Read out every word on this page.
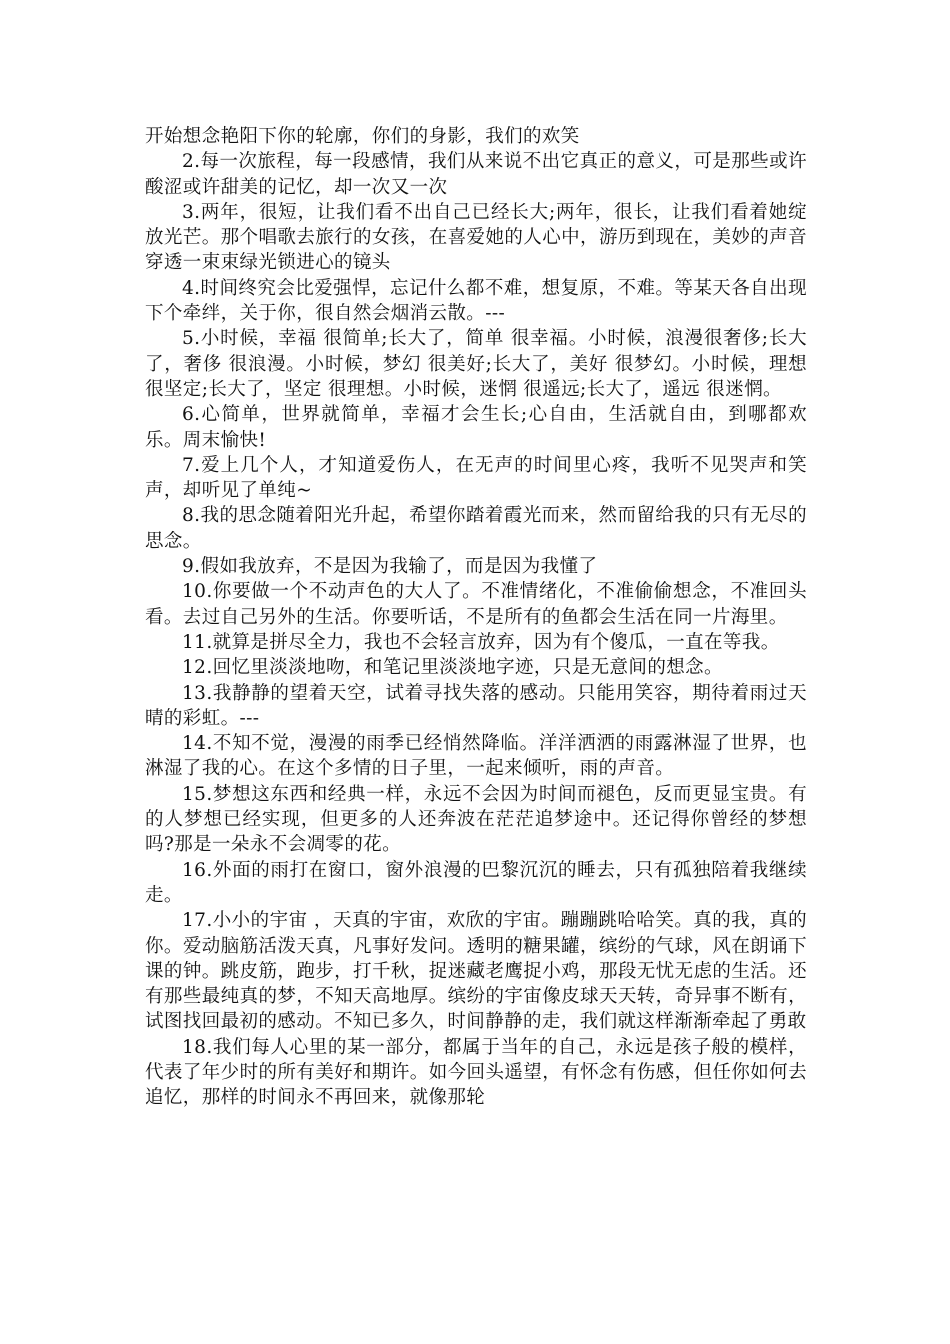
开始想念艳阳下你的轮廓，你们的身影，我们的欢笑

2.每一次旅程，每一段感情，我们从来说不出它真正的意义，可是那些或许酸涩或许甜美的记忆，却一次又一次

3.两年，很短，让我们看不出自己已经长大;两年，很长，让我们看着她绽放光芒。那个唱歌去旅行的女孩，在喜爱她的人心中，游历到现在，美妙的声音穿透一束束绿光锁进心的镜头

4.时间终究会比爱强悍，忘记什么都不难，想复原，不难。等某天各自出现下个牵绊，关于你，很自然会烟消云散。---

5.小时候，幸福 很简单;长大了，简单 很幸福。小时候，浪漫很奢侈;长大了，奢侈 很浪漫。小时候，梦幻 很美好;长大了，美好 很梦幻。小时候，理想很坚定;长大了，坚定 很理想。小时候，迷惘 很遥远;长大了，遥远 很迷惘。

6.心简单，世界就简单，幸福才会生长;心自由，生活就自由，到哪都欢乐。周末愉快!

7.爱上几个人，才知道爱伤人，在无声的时间里心疼，我听不见哭声和笑声，却听见了单纯~

8.我的思念随着阳光升起，希望你踏着霞光而来，然而留给我的只有无尽的思念。

9.假如我放弃，不是因为我输了，而是因为我懂了

10.你要做一个不动声色的大人了。不准情绪化，不准偷偷想念，不准回头看。去过自己另外的生活。你要听话，不是所有的鱼都会生活在同一片海里。

11.就算是拼尽全力，我也不会轻言放弃，因为有个傻瓜，一直在等我。

12.回忆里淡淡地吻，和笔记里淡淡地字迹，只是无意间的想念。

13.我静静的望着天空，试着寻找失落的感动。只能用笑容，期待着雨过天晴的彩虹。---

14.不知不觉，漫漫的雨季已经悄然降临。洋洋洒洒的雨露淋湿了世界，也淋湿了我的心。在这个多情的日子里，一起来倾听，雨的声音。

15.梦想这东西和经典一样，永远不会因为时间而褪色，反而更显宝贵。有的人梦想已经实现，但更多的人还奔波在茫茫追梦途中。还记得你曾经的梦想吗?那是一朵永不会凋零的花。

16.外面的雨打在窗口，窗外浪漫的巴黎沉沉的睡去，只有孤独陪着我继续走。

17.小小的宇宙 ，天真的宇宙，欢欣的宇宙。蹦蹦跳哈哈笑。真的我，真的你。爱动脑筋活泼天真，凡事好发问。透明的糖果罐，缤纷的气球，风在朗诵下课的钟。跳皮筋，跑步，打千秋，捉迷藏老鹰捉小鸡，那段无忧无虑的生活。还有那些最纯真的梦，不知天高地厚。缤纷的宇宙像皮球天天转，奇异事不断有，试图找回最初的感动。不知已多久，时间静静的走，我们就这样渐渐牵起了勇敢

18.我们每人心里的某一部分，都属于当年的自己，永远是孩子般的模样，代表了年少时的所有美好和期许。如今回头遥望，有怀念有伤感，但任你如何去追忆，那样的时间永不再回来，就像那轮
